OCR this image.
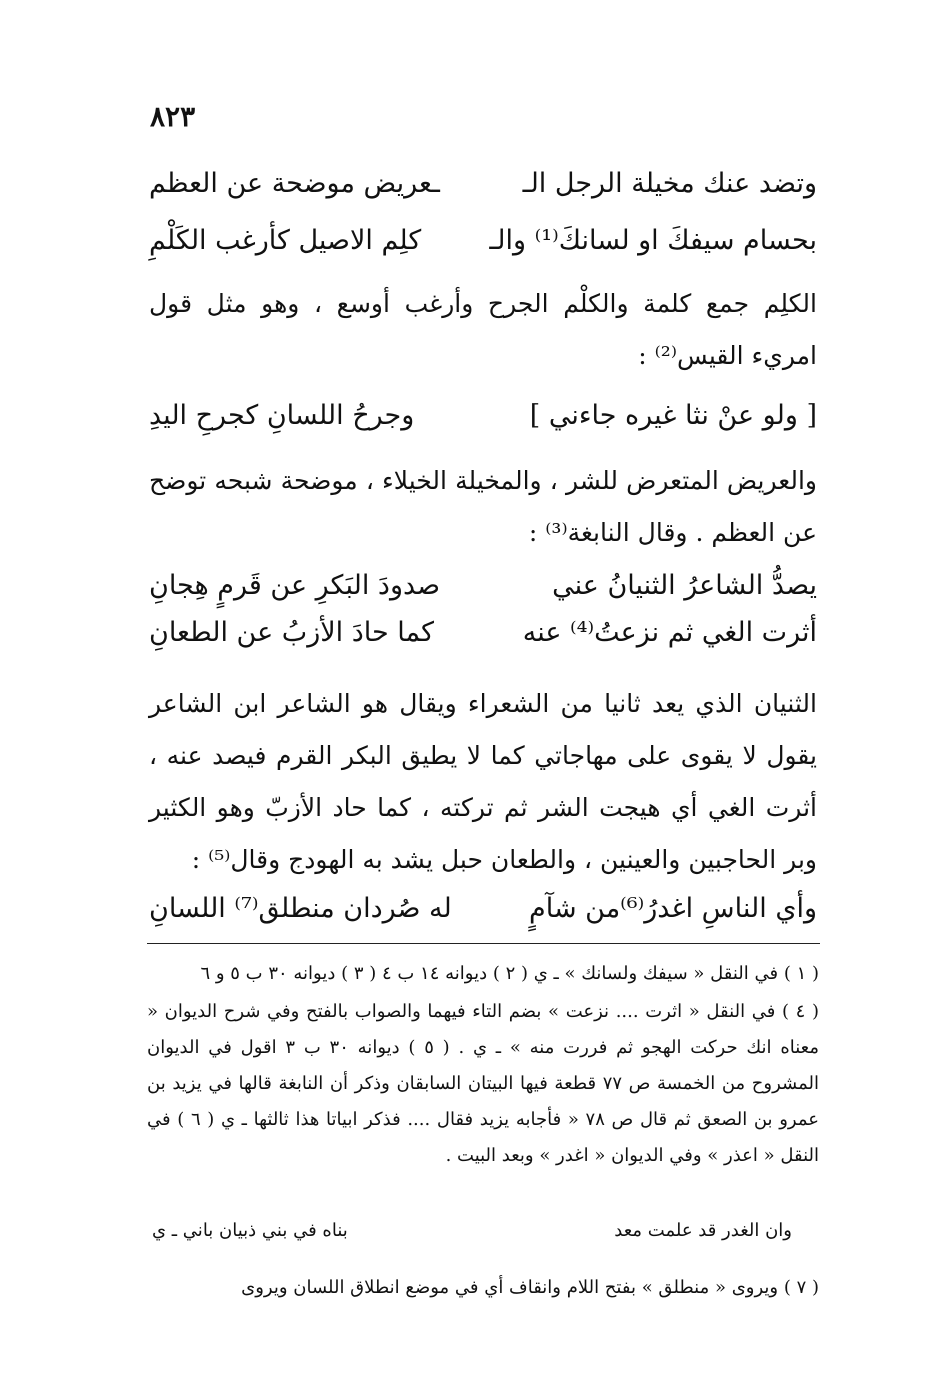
٨٢٣
وتضد عنك مخيلة الرجل الـ
ـعريض موضحة عن العظم
بحسام سيفكَ او لسانكَ⁽¹⁾ والـ
كلِم الاصيل كأرغب الكَلْمِ
الكلِم جمع كلمة والكلْم الجرح وأرغب أوسع ، وهو مثل قول امريء القيس⁽²⁾ :
[ ولو عنْ نثا غيره جاءني ]
وجرحُ اللسانِ كجرحِ اليدِ
والعريض المتعرض للشر ، والمخيلة الخيلاء ، موضحة شبحه توضح عن العظم . وقال النابغة⁽³⁾ :
يصدُّ الشاعرُ الثنيانُ عني
صدودَ البَكرِ عن قَرمٍ هِجانِ
أثرت الغي ثم نزعتُ⁽⁴⁾ عنه
كما حادَ الأزبُ عن الطعانِ
الثنيان الذي يعد ثانيا من الشعراء ويقال هو الشاعر ابن الشاعر يقول لا يقوى على مهاجاتي كما لا يطيق البكر القرم فيصد عنه ، أثرت الغي أي هيجت الشر ثم تركته ، كما حاد الأزبّ وهو الكثير وبر الحاجبين والعينين ، والطعان حبل يشد به الهودج وقال⁽⁵⁾ :
وأي الناسِ اغدرُ⁽⁶⁾من شآمٍ
له صُردان منطلق⁽⁷⁾ اللسانِ
( ١ ) في النقل « سيفك ولسانك » ـ ي ( ٢ ) ديوانه ١٤ ب ٤ ( ٣ ) ديوانه ٣٠ ب ٥ و ٦
( ٤ ) في النقل « اثرت .... نزعت » بضم التاء فيهما والصواب بالفتح وفي شرح الديوان « معناه انك حركت الهجو ثم فررت منه » ـ ي . ( ٥ ) ديوانه ٣٠ ب ٣ اقول في الديوان المشروح من الخمسة ص ٧٧ قطعة فيها البيتان السابقان وذكر أن النابغة قالها في يزيد بن عمرو بن الصعق ثم قال ص ٧٨ « فأجابه يزيد فقال .... فذكر ابياتا هذا ثالثها ـ ي ( ٦ ) في النقل « اعذر » وفي الديوان « اغدر » وبعد البيت .
وان الغدر قد علمت معد
بناه في بني ذبيان باني ـ ي
( ٧ ) ويروى « منطلق » بفتح اللام وانقاف أي في موضع انطلاق اللسان ويروى
